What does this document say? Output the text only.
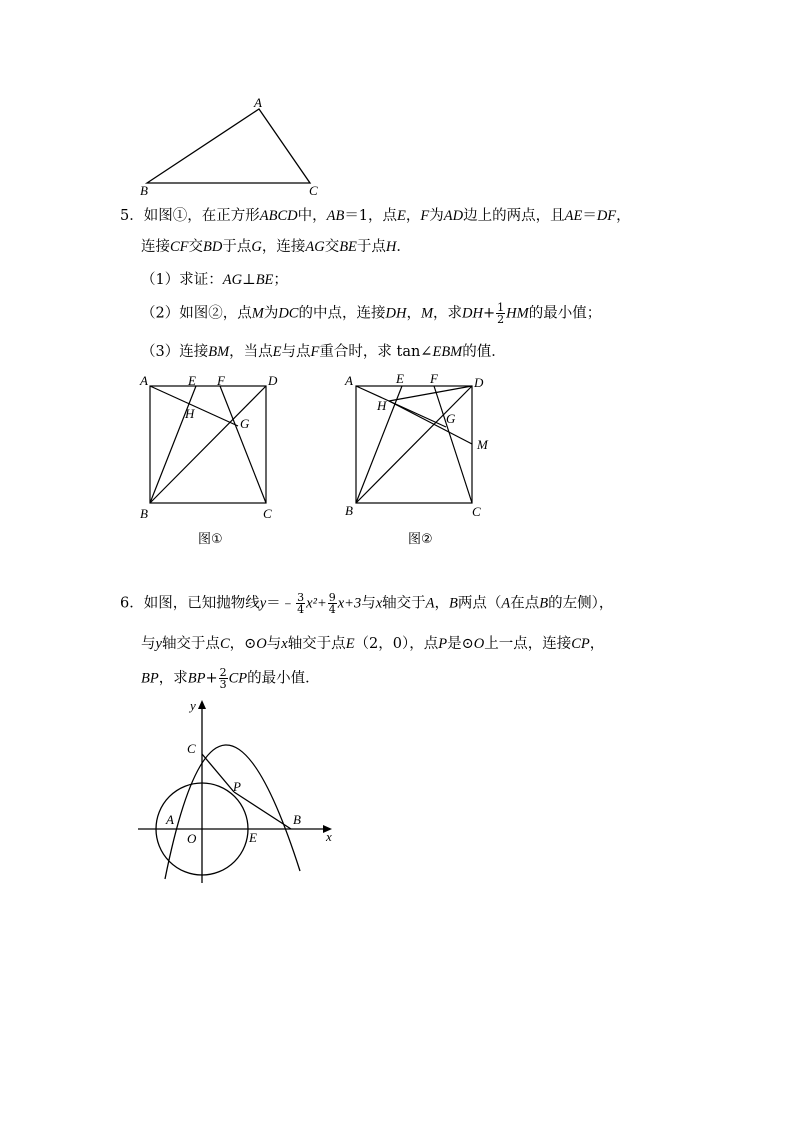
A
B	C
5．如图①，在正方形ABCD中，AB＝1，点E，F为AD边上的两点，且AE＝DF，
连接CF交BD于点G，连接AG交BE于点H．
（1）求证：AG⊥BE；
（2）如图②，点M为DC的中点，连接DH，M，求$DH+ \frac{1}{2}$ HM的最小值；
（3）连接BM，当点E与点F重合时，求 tan∠EBM的值．
A	E F	D
H
G
B	C
图①
A	E F	D
H
G
M
B	C
图②
6．如图，已知抛物线y＝﹣ $\frac{3}{4} x^2+ \frac{9}{4} x+3$与x轴交于A，B两点（A在点B的左侧），
与y轴交于点C，⊙O与x轴交于点E（2，0），点P是⊙O上一点，连接CP，
BP，求$BP+ \frac{2}{3}$ CP的最小值．
y
C
P
A
O	E
B
x
